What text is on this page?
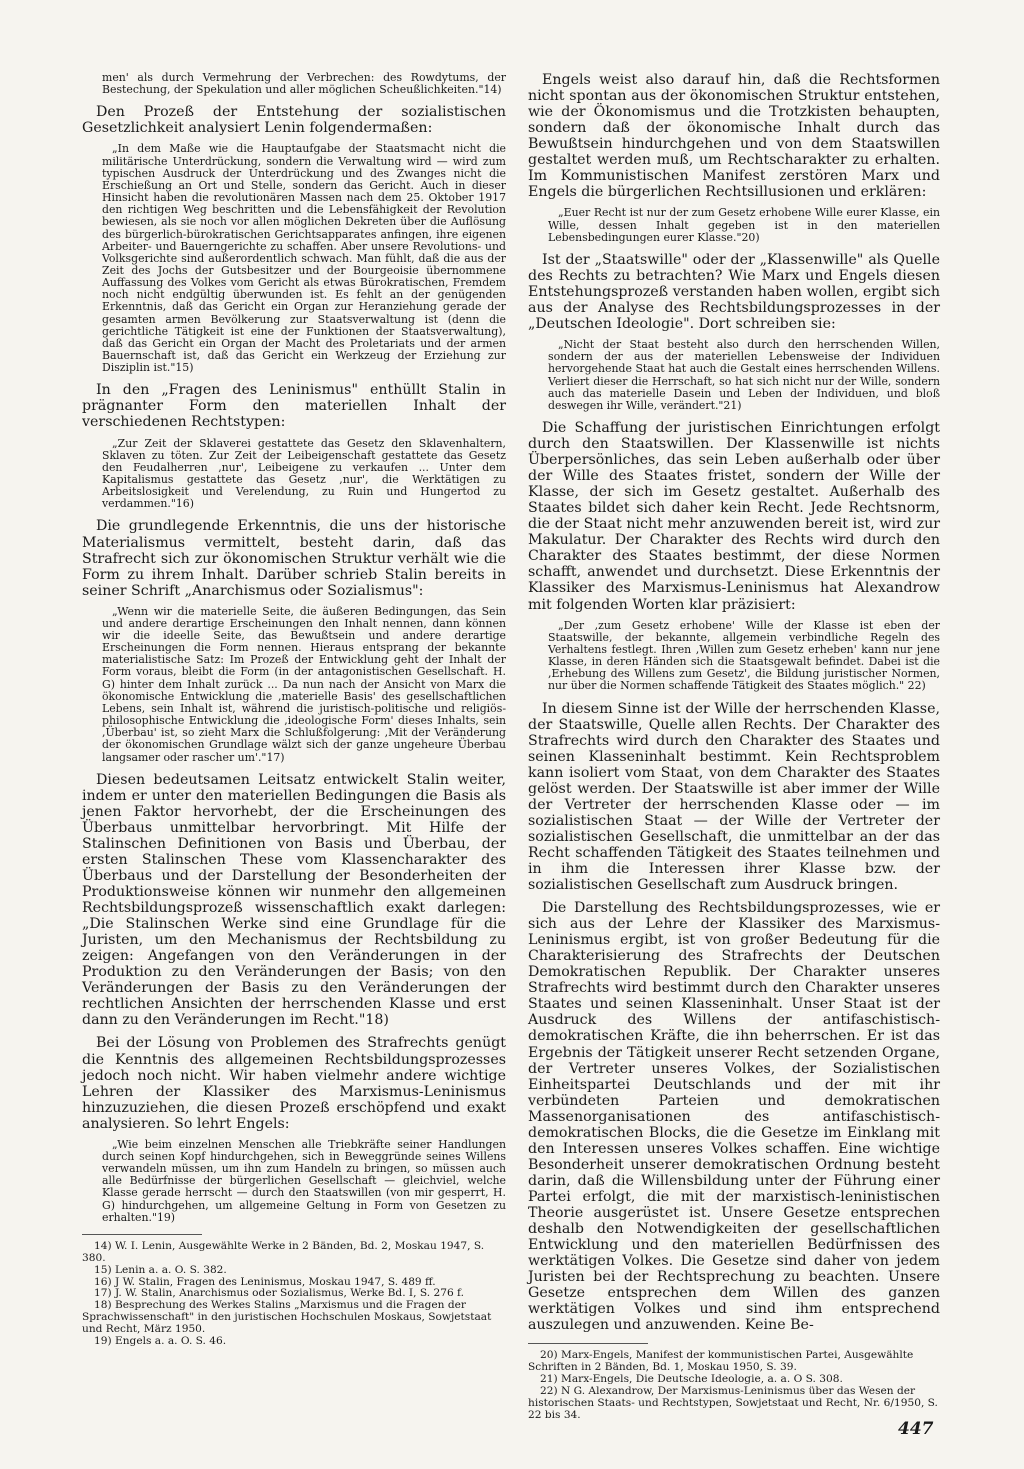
men' als durch Vermehrung der Verbrechen: des Rowdytums, der Bestechung, der Spekulation und aller möglichen Scheußlichkeiten."14)

Den Prozeß der Entstehung der sozialistischen Gesetzlichkeit analysiert Lenin folgendermaßen:

„In dem Maße wie die Hauptaufgabe der Staatsmacht nicht die militärische Unterdrückung, sondern die Verwaltung wird — wird zum typischen Ausdruck der Unterdrückung und des Zwanges nicht die Erschießung an Ort und Stelle, sondern das Gericht. Auch in dieser Hinsicht haben die revolutionären Massen nach dem 25. Oktober 1917 den richtigen Weg beschritten und die Lebensfähigkeit der Revolution bewiesen, als sie noch vor allen möglichen Dekreten über die Auflösung des bürgerlich-bürokratischen Gerichtsapparates anfingen, ihre eigenen Arbeiter- und Bauerngerichte zu schaffen. Aber unsere Revolutions- und Volksgerichte sind außerordentlich schwach. Man fühlt, daß die aus der Zeit des Jochs der Gutsbesitzer und der Bourgeoisie übernommene Auffassung des Volkes vom Gericht als etwas Bürokratischen, Fremdem noch nicht endgültig überwunden ist. Es fehlt an der genügenden Erkenntnis, daß das Gericht ein Organ zur Heranziehung gerade der gesamten armen Bevölkerung zur Staatsverwaltung ist (denn die gerichtliche Tätigkeit ist eine der Funktionen der Staatsverwaltung), daß das Gericht ein Organ der Macht des Proletariats und der armen Bauernschaft ist, daß das Gericht ein Werkzeug der Erziehung zur Disziplin ist."15)

In den „Fragen des Leninismus" enthüllt Stalin in prägnanter Form den materiellen Inhalt der verschiedenen Rechtstypen:

„Zur Zeit der Sklaverei gestattete das Gesetz den Sklavenhaltern, Sklaven zu töten. Zur Zeit der Leibeigenschaft gestattete das Gesetz den Feudalherren ,nur', Leibeigene zu verkaufen ... Unter dem Kapitalismus gestattete das Gesetz ,nur', die Werktätigen zu Arbeitslosigkeit und Verelendung, zu Ruin und Hungertod zu verdammen."16)

Die grundlegende Erkenntnis, die uns der historische Materialismus vermittelt, besteht darin, daß das Strafrecht sich zur ökonomischen Struktur verhält wie die Form zu ihrem Inhalt. Darüber schrieb Stalin bereits in seiner Schrift „Anarchismus oder Sozialismus":

„Wenn wir die materielle Seite, die äußeren Bedingungen, das Sein und andere derartige Erscheinungen den Inhalt nennen, dann können wir die ideelle Seite, das Bewußtsein und andere derartige Erscheinungen die Form nennen. Hieraus entsprang der bekannte materialistische Satz: Im Prozeß der Entwicklung geht der Inhalt der Form voraus, bleibt die Form (in der antagonistischen Gesellschaft. H. G) hinter dem Inhalt zurück ... Da nun nach der Ansicht von Marx die ökonomische Entwicklung die ,materielle Basis' des gesellschaftlichen Lebens, sein Inhalt ist, während die juristisch-politische und religiös-philosophische Entwicklung die ,ideologische Form' dieses Inhalts, sein ,Überbau' ist, so zieht Marx die Schlußfolgerung: ,Mit der Veränderung der ökonomischen Grundlage wälzt sich der ganze ungeheure Überbau langsamer oder rascher um'."17)

Diesen bedeutsamen Leitsatz entwickelt Stalin weiter, indem er unter den materiellen Bedingungen die Basis als jenen Faktor hervorhebt, der die Erscheinungen des Überbaus unmittelbar hervorbringt. Mit Hilfe der Stalinschen Definitionen von Basis und Überbau, der ersten Stalinschen These vom Klassencharakter des Überbaus und der Darstellung der Besonderheiten der Produktionsweise können wir nunmehr den allgemeinen Rechtsbildungsprozeß wissenschaftlich exakt darlegen: „Die Stalinschen Werke sind eine Grundlage für die Juristen, um den Mechanismus der Rechtsbildung zu zeigen: Angefangen von den Veränderungen in der Produktion zu den Veränderungen der Basis; von den Veränderungen der Basis zu den Veränderungen der rechtlichen Ansichten der herrschenden Klasse und erst dann zu den Veränderungen im Recht."18)

Bei der Lösung von Problemen des Strafrechts genügt die Kenntnis des allgemeinen Rechtsbildungsprozesses jedoch noch nicht. Wir haben vielmehr andere wichtige Lehren der Klassiker des Marxismus-Leninismus hinzuzuziehen, die diesen Prozeß erschöpfend und exakt analysieren. So lehrt Engels:

„Wie beim einzelnen Menschen alle Triebkräfte seiner Handlungen durch seinen Kopf hindurchgehen, sich in Beweggründe seines Willens verwandeln müssen, um ihn zum Handeln zu bringen, so müssen auch alle Bedürfnisse der bürgerlichen Gesellschaft — gleichviel, welche Klasse gerade herrscht — durch den Staatswillen (von mir gesperrt, H. G) hindurchgehen, um allgemeine Geltung in Form von Gesetzen zu erhalten."19)

14) W. I. Lenin, Ausgewählte Werke in 2 Bänden, Bd. 2, Moskau 1947, S. 380.

15) Lenin a. a. O. S. 382.

16) J W. Stalin, Fragen des Leninismus, Moskau 1947, S. 489 ff.

17) J. W. Stalin, Anarchismus oder Sozialismus, Werke Bd. I, S. 276 f.

18) Besprechung des Werkes Stalins „Marxismus und die Fragen der Sprachwissenschaft" in den juristischen Hochschulen Moskaus, Sowjetstaat und Recht, März 1950.

19) Engels a. a. O. S. 46.

Engels weist also darauf hin, daß die Rechtsformen nicht spontan aus der ökonomischen Struktur entstehen, wie der Ökonomismus und die Trotzkisten behaupten, sondern daß der ökonomische Inhalt durch das Bewußtsein hindurchgehen und von dem Staatswillen gestaltet werden muß, um Rechtscharakter zu erhalten. Im Kommunistischen Manifest zerstören Marx und Engels die bürgerlichen Rechtsillusionen und erklären:

„Euer Recht ist nur der zum Gesetz erhobene Wille eurer Klasse, ein Wille, dessen Inhalt gegeben ist in den materiellen Lebensbedingungen eurer Klasse."20)

Ist der „Staatswille" oder der „Klassenwille" als Quelle des Rechts zu betrachten? Wie Marx und Engels diesen Entstehungsprozeß verstanden haben wollen, ergibt sich aus der Analyse des Rechtsbildungsprozesses in der „Deutschen Ideologie". Dort schreiben sie:

„Nicht der Staat besteht also durch den herrschenden Willen, sondern der aus der materiellen Lebensweise der Individuen hervorgehende Staat hat auch die Gestalt eines herrschenden Willens. Verliert dieser die Herrschaft, so hat sich nicht nur der Wille, sondern auch das materielle Dasein und Leben der Individuen, und bloß deswegen ihr Wille, verändert."21)

Die Schaffung der juristischen Einrichtungen erfolgt durch den Staatswillen. Der Klassenwille ist nichts Überpersönliches, das sein Leben außerhalb oder über der Wille des Staates fristet, sondern der Wille der Klasse, der sich im Gesetz gestaltet. Außerhalb des Staates bildet sich daher kein Recht. Jede Rechtsnorm, die der Staat nicht mehr anzuwenden bereit ist, wird zur Makulatur. Der Charakter des Rechts wird durch den Charakter des Staates bestimmt, der diese Normen schafft, anwendet und durchsetzt. Diese Erkenntnis der Klassiker des Marxismus-Leninismus hat Alexandrow mit folgenden Worten klar präzisiert:

„Der ,zum Gesetz erhobene' Wille der Klasse ist eben der Staatswille, der bekannte, allgemein verbindliche Regeln des Verhaltens festlegt. Ihren ,Willen zum Gesetz erheben' kann nur jene Klasse, in deren Händen sich die Staatsgewalt befindet. Dabei ist die ,Erhebung des Willens zum Gesetz', die Bildung juristischer Normen, nur über die Normen schaffende Tätigkeit des Staates möglich." 22)

In diesem Sinne ist der Wille der herrschenden Klasse, der Staatswille, Quelle allen Rechts. Der Charakter des Strafrechts wird durch den Charakter des Staates und seinen Klasseninhalt bestimmt. Kein Rechtsproblem kann isoliert vom Staat, von dem Charakter des Staates gelöst werden. Der Staatswille ist aber immer der Wille der Vertreter der herrschenden Klasse oder — im sozialistischen Staat — der Wille der Vertreter der sozialistischen Gesellschaft, die unmittelbar an der das Recht schaffenden Tätigkeit des Staates teilnehmen und in ihm die Interessen ihrer Klasse bzw. der sozialistischen Gesellschaft zum Ausdruck bringen.

Die Darstellung des Rechtsbildungsprozesses, wie er sich aus der Lehre der Klassiker des Marxismus-Leninismus ergibt, ist von großer Bedeutung für die Charakterisierung des Strafrechts der Deutschen Demokratischen Republik. Der Charakter unseres Strafrechts wird bestimmt durch den Charakter unseres Staates und seinen Klasseninhalt. Unser Staat ist der Ausdruck des Willens der antifaschistisch-demokratischen Kräfte, die ihn beherrschen. Er ist das Ergebnis der Tätigkeit unserer Recht setzenden Organe, der Vertreter unseres Volkes, der Sozialistischen Einheitspartei Deutschlands und der mit ihr verbündeten Parteien und demokratischen Massenorganisationen des antifaschistisch-demokratischen Blocks, die die Gesetze im Einklang mit den Interessen unseres Volkes schaffen. Eine wichtige Besonderheit unserer demokratischen Ordnung besteht darin, daß die Willensbildung unter der Führung einer Partei erfolgt, die mit der marxistisch-leninistischen Theorie ausgerüstet ist. Unsere Gesetze entsprechen deshalb den Notwendigkeiten der gesellschaftlichen Entwicklung und den materiellen Bedürfnissen des werktätigen Volkes. Die Gesetze sind daher von jedem Juristen bei der Rechtsprechung zu beachten. Unsere Gesetze entsprechen dem Willen des ganzen werktätigen Volkes und sind ihm entsprechend auszulegen und anzuwenden. Keine Be-

20) Marx-Engels, Manifest der kommunistischen Partei, Ausgewählte Schriften in 2 Bänden, Bd. 1, Moskau 1950, S. 39.

21) Marx-Engels, Die Deutsche Ideologie, a. a. O S. 308.

22) N G. Alexandrow, Der Marxismus-Leninismus über das Wesen der historischen Staats- und Rechtstypen, Sowjetstaat und Recht, Nr. 6/1950, S. 22 bis 34.

447
